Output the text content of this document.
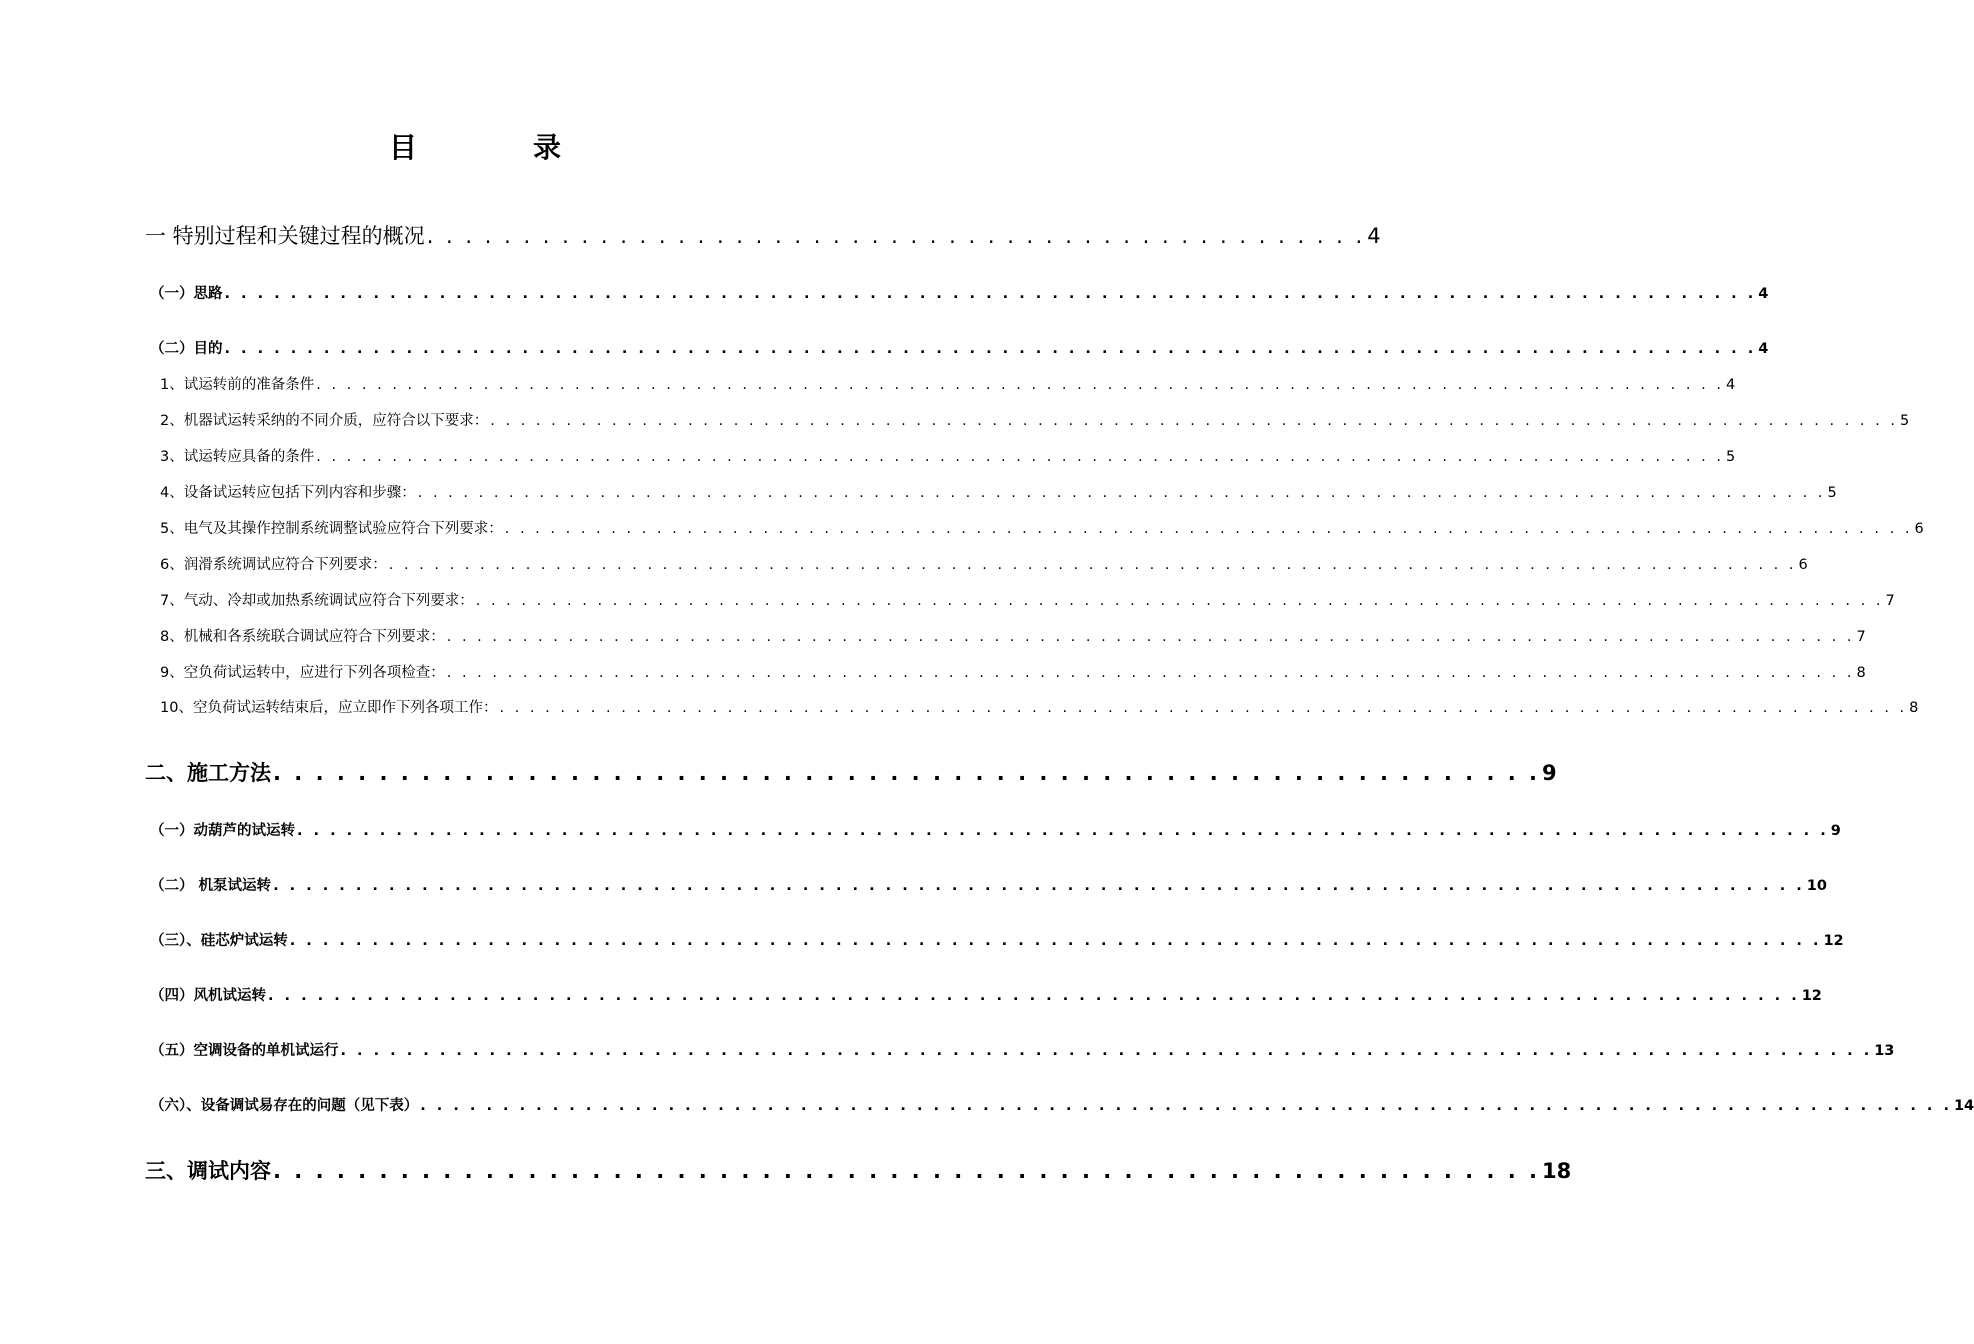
目　录
一 特别过程和关键过程的概况 . . . . . . . . . . . . . . . . . . . . . . . . . . . . . . . . . . . . . . . . . . . . . . . . . 4
（一）思路 . . . . . . . . . . . . . . . . . . . . . . . . . . . . . . . . . . . . . . . . . . . . . . . . . . . . . . . . . . . . . . . . . . . . . . . . . . . . . . . . . . . . . . . . . . . . . 4
（二）目的 . . . . . . . . . . . . . . . . . . . . . . . . . . . . . . . . . . . . . . . . . . . . . . . . . . . . . . . . . . . . . . . . . . . . . . . . . . . . . . . . . . . . . . . . . . . . . 4
1、试运转前的准备条件 . . . . . . . . . . . . . . . . . . . . . . . . . . . . . . . . . . . . . . . . . . . . . . . . . . . . . . . . . . . . . . . . . . . . . . . . . . . . . . . . . . . . . . . . . . . . . 4
2、机器试运转采纳的不同介质，应符合以下要求： . . . . . . . . . . . . . . . . . . . . . . . . . . . . . . . . . . . . . . . . . . . . . . . . . . . . . . . . . . . . . . . . . . . . . . . . . . . . . . . . . . . . . . . . . . . . . 5
3、试运转应具备的条件 . . . . . . . . . . . . . . . . . . . . . . . . . . . . . . . . . . . . . . . . . . . . . . . . . . . . . . . . . . . . . . . . . . . . . . . . . . . . . . . . . . . . . . . . . . . . . 5
4、设备试运转应包括下列内容和步骤： . . . . . . . . . . . . . . . . . . . . . . . . . . . . . . . . . . . . . . . . . . . . . . . . . . . . . . . . . . . . . . . . . . . . . . . . . . . . . . . . . . . . . . . . . . . . . 5
5、电气及其操作控制系统调整试验应符合下列要求： . . . . . . . . . . . . . . . . . . . . . . . . . . . . . . . . . . . . . . . . . . . . . . . . . . . . . . . . . . . . . . . . . . . . . . . . . . . . . . . . . . . . . . . . . . . . . 6
6、润滑系统调试应符合下列要求： . . . . . . . . . . . . . . . . . . . . . . . . . . . . . . . . . . . . . . . . . . . . . . . . . . . . . . . . . . . . . . . . . . . . . . . . . . . . . . . . . . . . . . . . . . . . . 6
7、气动、冷却或加热系统调试应符合下列要求： . . . . . . . . . . . . . . . . . . . . . . . . . . . . . . . . . . . . . . . . . . . . . . . . . . . . . . . . . . . . . . . . . . . . . . . . . . . . . . . . . . . . . . . . . . . . . 7
8、机械和各系统联合调试应符合下列要求： . . . . . . . . . . . . . . . . . . . . . . . . . . . . . . . . . . . . . . . . . . . . . . . . . . . . . . . . . . . . . . . . . . . . . . . . . . . . . . . . . . . . . . . . . . . . . 7
9、空负荷试运转中，应进行下列各项检查： . . . . . . . . . . . . . . . . . . . . . . . . . . . . . . . . . . . . . . . . . . . . . . . . . . . . . . . . . . . . . . . . . . . . . . . . . . . . . . . . . . . . . . . . . . . . . 8
10、空负荷试运转结束后，应立即作下列各项工作： . . . . . . . . . . . . . . . . . . . . . . . . . . . . . . . . . . . . . . . . . . . . . . . . . . . . . . . . . . . . . . . . . . . . . . . . . . . . . . . . . . . . . . . . . . . . . 8
二、施工方法 . . . . . . . . . . . . . . . . . . . . . . . . . . . . . . . . . . . . . . . . . . . . . . . . . . . . . . . . . . . . 9
（一）动葫芦的试运转 . . . . . . . . . . . . . . . . . . . . . . . . . . . . . . . . . . . . . . . . . . . . . . . . . . . . . . . . . . . . . . . . . . . . . . . . . . . . . . . . . . . . . . . . . . . . . 9
（二） 机泵试运转 . . . . . . . . . . . . . . . . . . . . . . . . . . . . . . . . . . . . . . . . . . . . . . . . . . . . . . . . . . . . . . . . . . . . . . . . . . . . . . . . . . . . . . . . . . . . . 10
（三）、硅芯炉试运转 . . . . . . . . . . . . . . . . . . . . . . . . . . . . . . . . . . . . . . . . . . . . . . . . . . . . . . . . . . . . . . . . . . . . . . . . . . . . . . . . . . . . . . . . . . . . . 12
（四）风机试运转 . . . . . . . . . . . . . . . . . . . . . . . . . . . . . . . . . . . . . . . . . . . . . . . . . . . . . . . . . . . . . . . . . . . . . . . . . . . . . . . . . . . . . . . . . . . . . 12
（五）空调设备的单机试运行 . . . . . . . . . . . . . . . . . . . . . . . . . . . . . . . . . . . . . . . . . . . . . . . . . . . . . . . . . . . . . . . . . . . . . . . . . . . . . . . . . . . . . . . . . . . . . 13
（六）、设备调试易存在的问题（见下表） . . . . . . . . . . . . . . . . . . . . . . . . . . . . . . . . . . . . . . . . . . . . . . . . . . . . . . . . . . . . . . . . . . . . . . . . . . . . . . . . . . . . . . . . . . . . . 14
三、调试内容 . . . . . . . . . . . . . . . . . . . . . . . . . . . . . . . . . . . . . . . . . . . . . . . . . . . . . . . . . . . . 18
